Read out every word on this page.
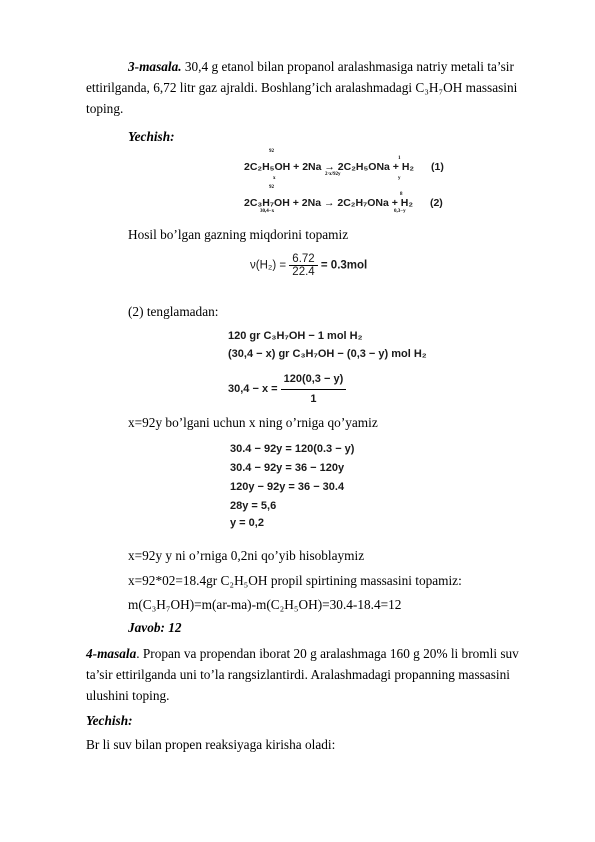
3-masala. 30,4 g etanol bilan propanol aralashmasiga natriy metali ta’sir
ettirilganda, 6,72 litr gaz ajraldi. Boshlang’ich aralashmadagi C₃H₇OH massasini
toping.
Yechish:
92
x
2·x/92y
1
y
2C₂H₅OH + 2Na → 2C₂H₅ONa + H₂ (1)
92
30,4−x
8
0,3−y
2C₃H₇OH + 2Na → 2C₂H₇ONa + H₂ (2)
Hosil bo’lgan gazning miqdorini topamiz
$\nu(H_2) = \frac{6.72}{22.4} = 0.3mol$
(2) tenglamadan:
120 gr C₃H₇OH − 1 mol H₂
(30,4 − x) gr C₃H₇OH − (0,3 − y) mol H₂
$30,4 - x = \frac{120(0,3 - y)}{1}$
x=92y bo’lgani uchun x ning o’rniga qo’yamiz
30.4 − 92y = 120(0.3 − y)
30.4 − 92y = 36 − 120y
120y − 92y = 36 − 30.4
28y = 5,6
y = 0,2
x=92y y ni o’rniga 0,2ni qo’yib hisoblaymiz
x=92*02=18.4gr C₂H₅OH propil spirtining massasini topamiz:
m(C₃H₇OH)=m(ar-ma)-m(C₂H₅OH)=30.4-18.4=12
Javob: 12
4-masala. Propan va propendan iborat 20 g aralashmaga 160 g 20% li bromli suv
ta’sir ettirilganda uni to’la rangsizlantirdi. Aralashmadagi propanning massasini
ulushini toping.
Yechish:
Br li suv bilan propen reaksiyaga kirisha oladi:
